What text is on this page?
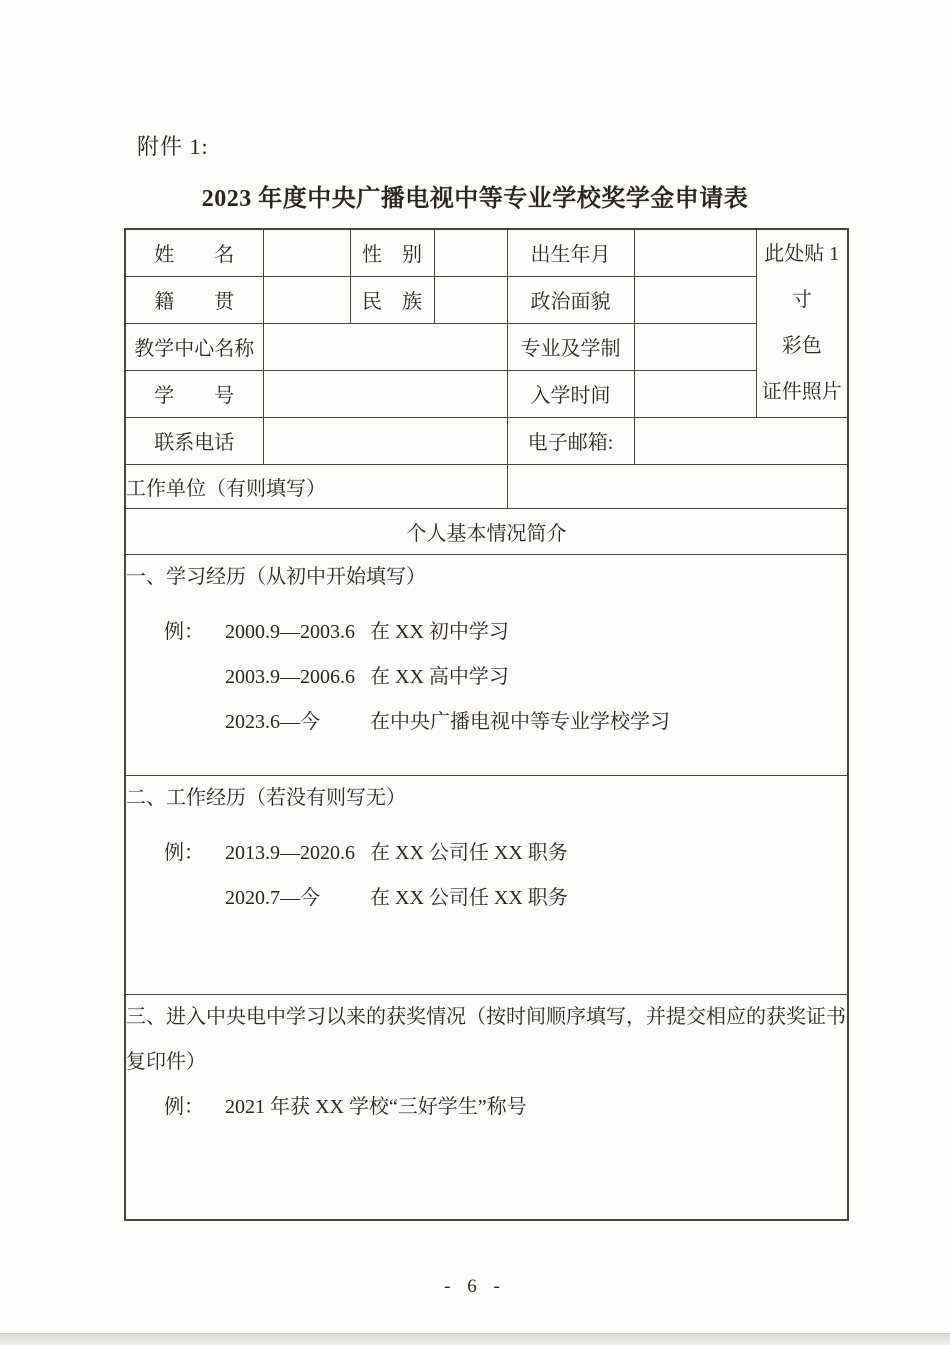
附件 1:
2023 年度中央广播电视中等专业学校奖学金申请表
姓　　名		性　别		出生年月		此处贴 1 寸
彩色
证件照片

籍　　贯		民　族		政治面貌		
教学中心名称				专业及学制		
学　　号				入学时间		
联系电话				电子邮箱:		
工作单位（有则填写）						
个人基本情况简介						

一、学习经历（从初中开始填写）
例： 2000.9—2003.6 在 XX 初中学习
2003.9—2006.6 在 XX 高中学习
2023.6—今 在中央广播电视中等专业学校学习						

二、工作经历（若没有则写无）
例： 2013.9—2020.6 在 XX 公司任 XX 职务
2020.7—今 在 XX 公司任 XX 职务						

三、进入中央电中学习以来的获奖情况（按时间顺序填写，并提交相应的获奖证书复印件）
例： 2021 年获 XX 学校“三好学生”称号						
- 6 -
